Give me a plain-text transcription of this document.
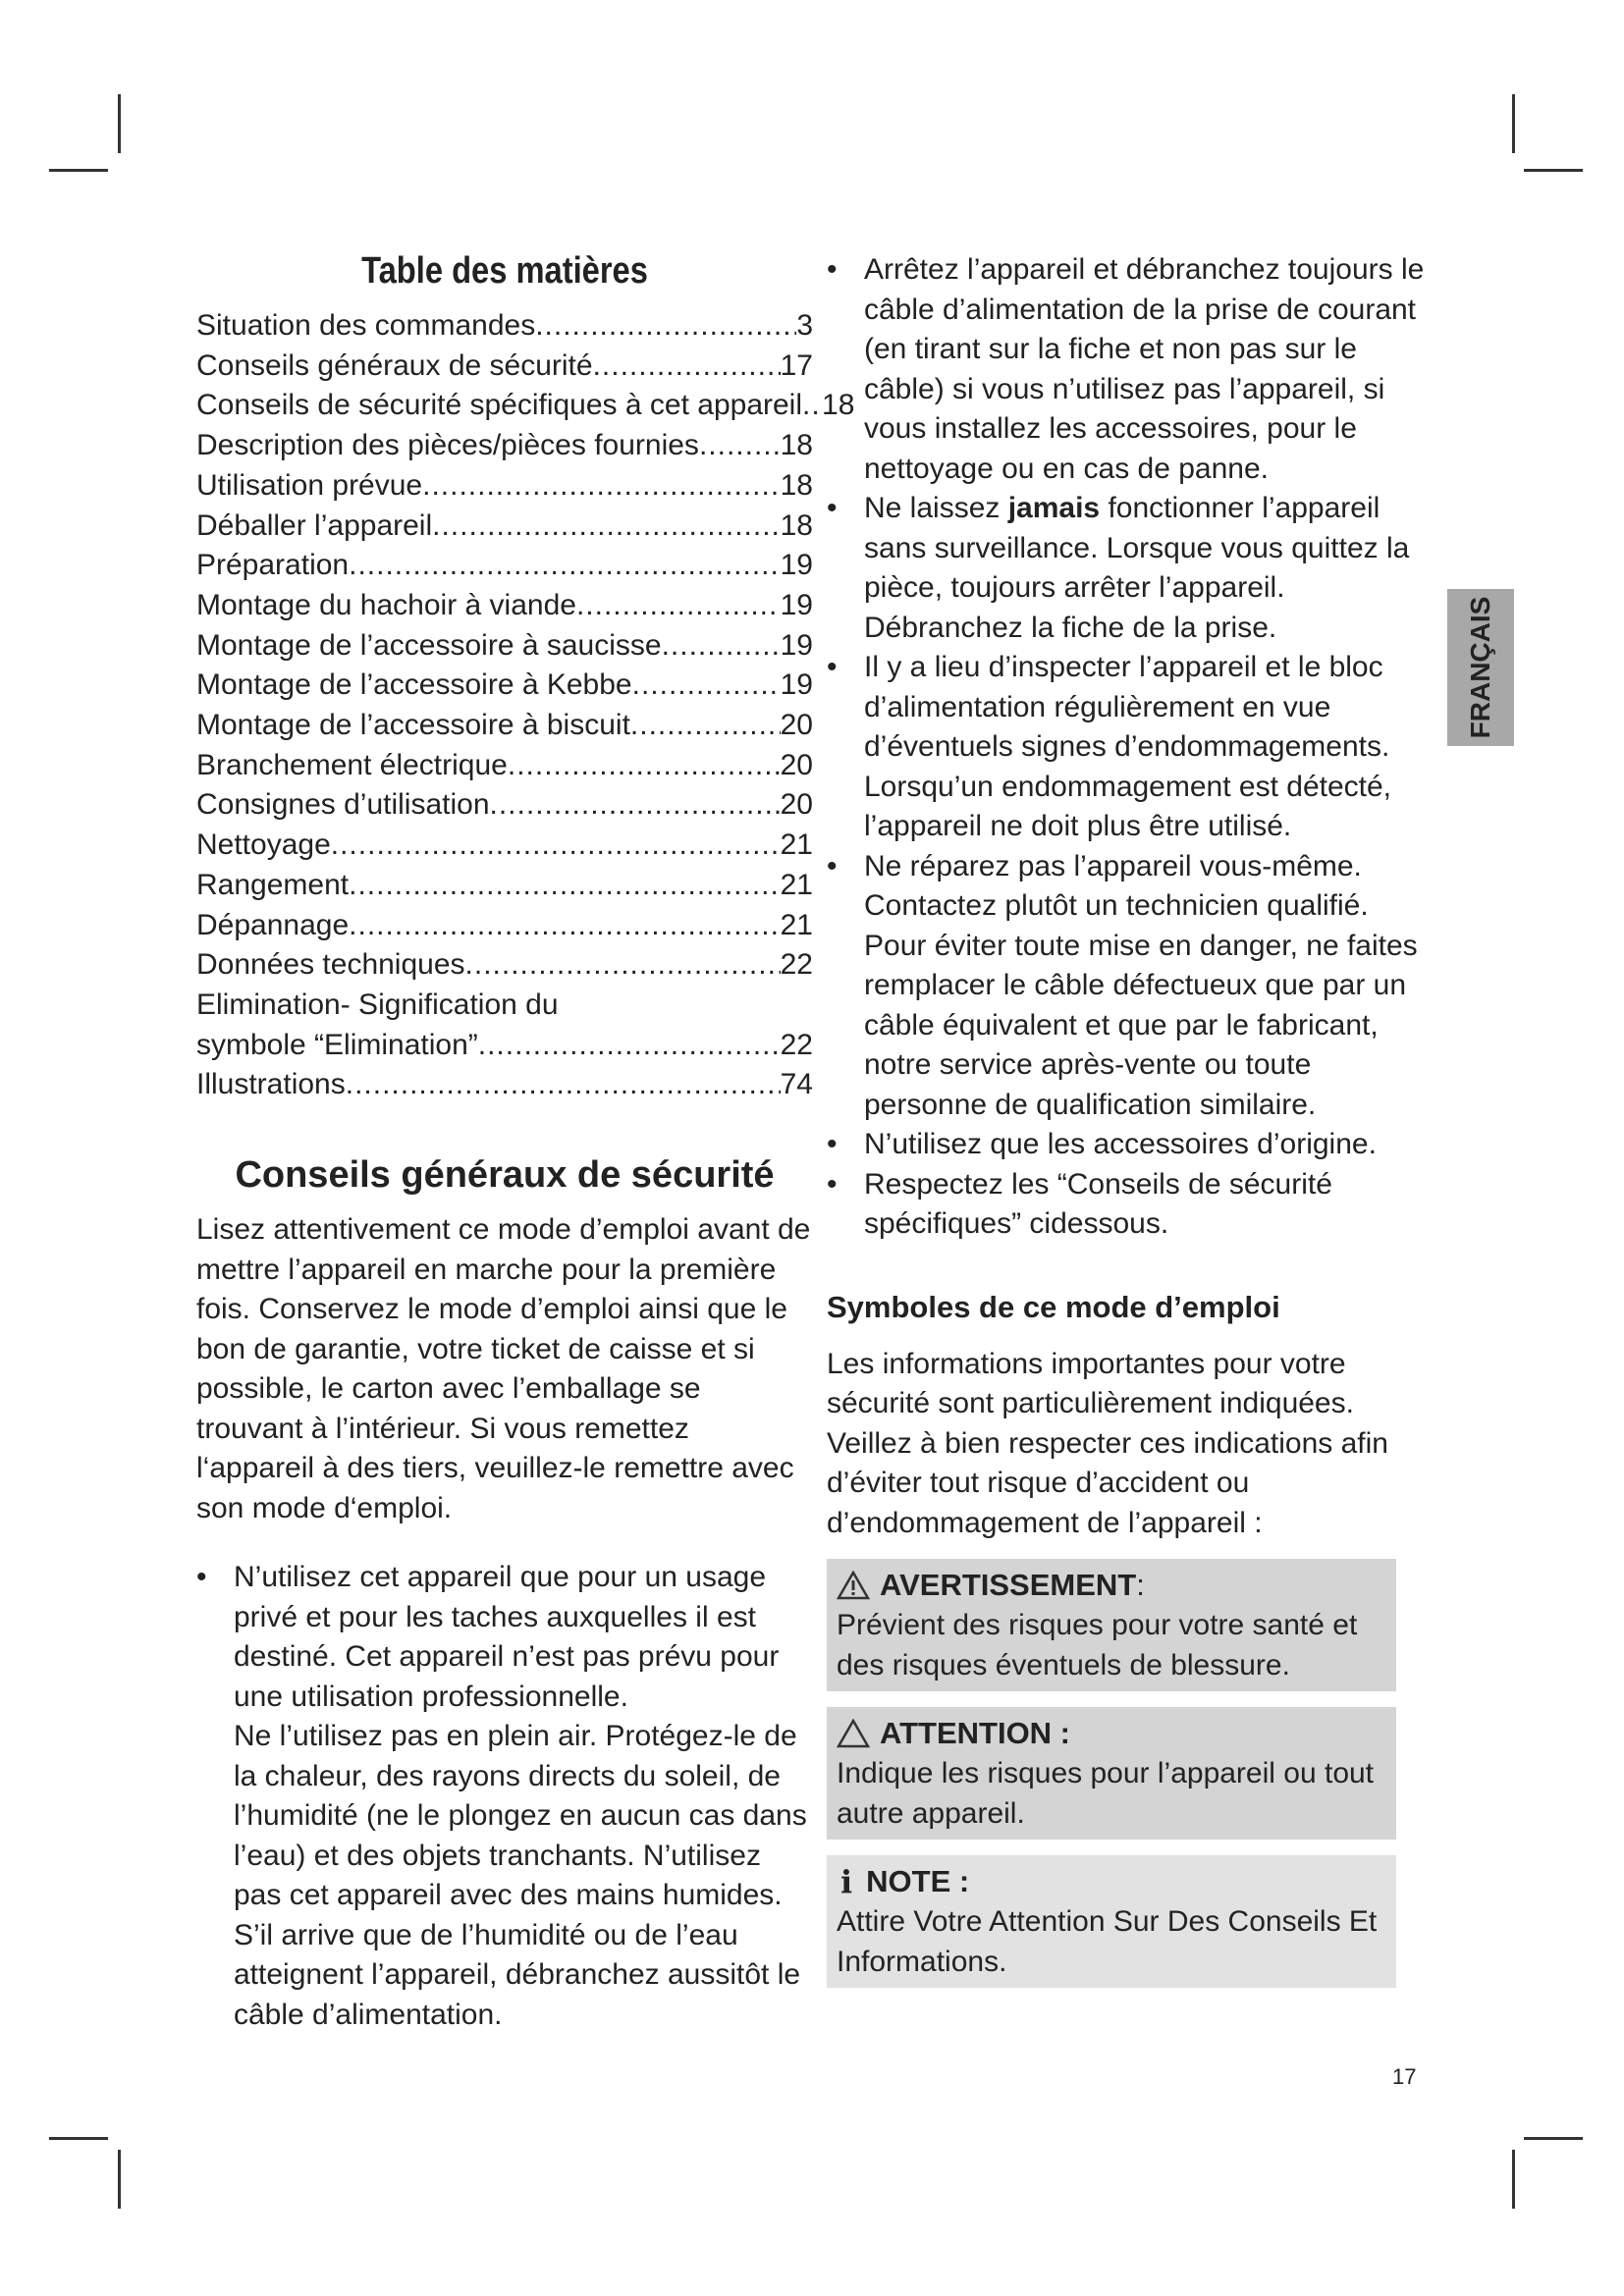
Table des matières
Situation des commandes .....	3
Conseils généraux de sécurité .....	17
Conseils de sécurité spécifiques à cet appareil ..... 18
Description des pièces/pièces fournies .....	18
Utilisation prévue .....	18
Déballer l’appareil .....	18
Préparation .....	19
Montage du hachoir à viande .....	19
Montage de l’accessoire à saucisse .....	19
Montage de l’accessoire à Kebbe .....	19
Montage de l’accessoire à biscuit .....	20
Branchement électrique .....	20
Consignes d’utilisation .....	20
Nettoyage .....	21
Rangement .....	21
Dépannage .....	21
Données techniques .....	22
Elimination- Signification du
symbole “Elimination” .....	22
Illustrations .....	74
Conseils généraux de sécurité

Lisez attentivement ce mode d’emploi avant de mettre l’appareil en marche pour la première fois. Conservez le mode d’emploi ainsi que le bon de garantie, votre ticket de caisse et si possible, le carton avec l’emballage se trouvant à l’intérieur. Si vous remettez l‘appareil à des tiers, veuillez-le remettre avec son mode d‘emploi.

• N’utilisez cet appareil que pour un usage privé et pour les taches auxquelles il est destiné. Cet appareil n’est pas prévu pour une utilisation professionnelle.
Ne l’utilisez pas en plein air. Protégez-le de la chaleur, des rayons directs du soleil, de l’humidité (ne le plongez en aucun cas dans l’eau) et des objets tranchants. N’utilisez pas cet appareil avec des mains humides. S’il arrive que de l’humidité ou de l’eau atteignent l’appareil, débranchez aussitôt le câble d’alimentation.
• Arrêtez l’appareil et débranchez toujours le câble d’alimentation de la prise de courant (en tirant sur la fiche et non pas sur le câble) si vous n’utilisez pas l’appareil, si vous installez les accessoires, pour le nettoyage ou en cas de panne.
• Ne laissez jamais fonctionner l’appareil sans surveillance. Lorsque vous quittez la pièce, toujours arrêter l’appareil. Débranchez la fiche de la prise.
• Il y a lieu d’inspecter l’appareil et le bloc d’alimentation régulièrement en vue d’éventuels signes d’endommagements. Lorsqu’un endommagement est détecté, l’appareil ne doit plus être utilisé.
• Ne réparez pas l’appareil vous-même. Contactez plutôt un technicien qualifié. Pour éviter toute mise en danger, ne faites remplacer le câble défectueux que par un câble équivalent et que par le fabricant, notre service après-vente ou toute personne de qualification similaire.
• N’utilisez que les accessoires d’origine.
• Respectez les “Conseils de sécurité spécifiques” cidessous.
Symboles de ce mode d’emploi

Les informations importantes pour votre sécurité sont particulièrement indiquées. Veillez à bien respecter ces indications afin d’éviter tout risque d’accident ou d’endommagement de l’appareil :

AVERTISSEMENT :
Prévient des risques pour votre santé et des risques éventuels de blessure.
ATTENTION :
Indique les risques pour l’appareil ou tout autre appareil.
i NOTE :
Attire Votre Attention Sur Des Conseils Et Informations.
FRANÇAIS
17
